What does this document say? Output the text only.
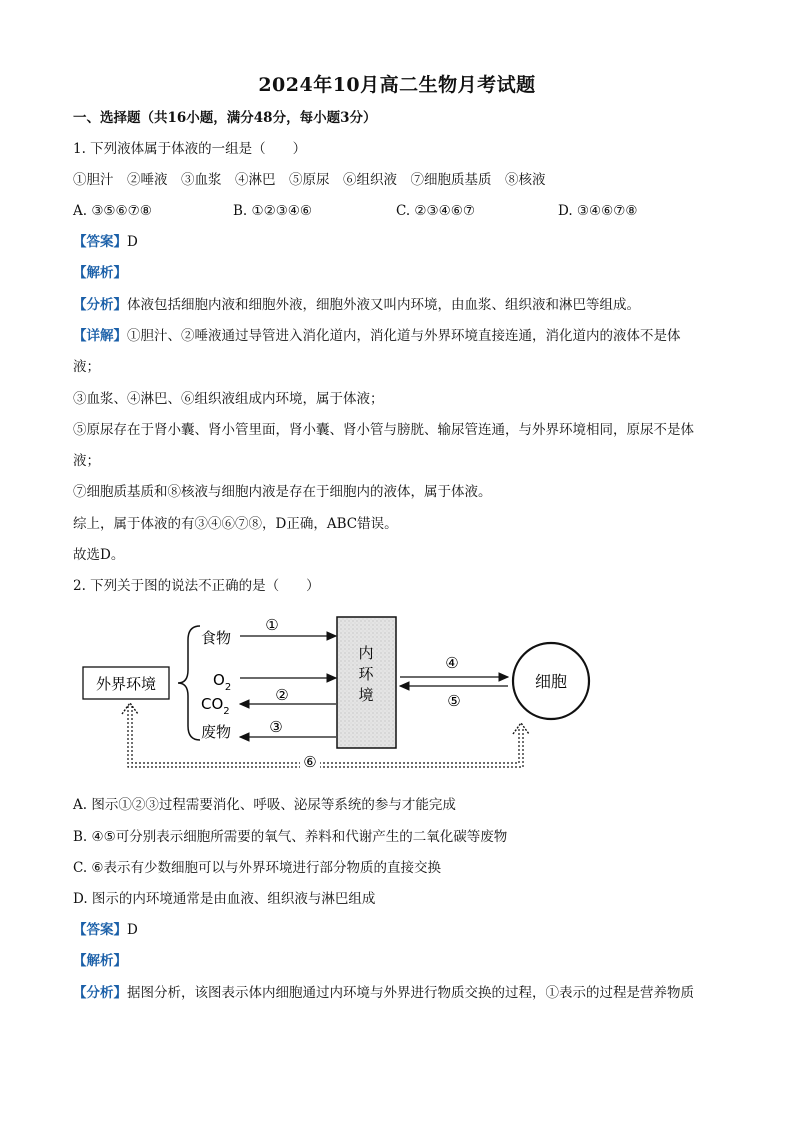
2024年10月高二生物月考试题
一、选择题（共16小题，满分48分，每小题3分）
1. 下列液体属于体液的一组是（　　）
①胆汁　②唾液　③血浆　④淋巴　⑤原尿　⑥组织液　⑦细胞质基质　⑧核液
A. ③⑤⑥⑦⑧	B. ①②③④⑥	C. ②③④⑥⑦	D. ③④⑥⑦⑧
【答案】D
【解析】
【分析】体液包括细胞内液和细胞外液，细胞外液又叫内环境，由血浆、组织液和淋巴等组成。
【详解】①胆汁、②唾液通过导管进入消化道内，消化道与外界环境直接连通，消化道内的液体不是体
液；
③血浆、④淋巴、⑥组织液组成内环境，属于体液；
⑤原尿存在于肾小囊、肾小管里面，肾小囊、肾小管与膀胱、输尿管连通，与外界环境相同，原尿不是体
液；
⑦细胞质基质和⑧核液与细胞内液是存在于细胞内的液体，属于体液。
综上，属于体液的有③④⑥⑦⑧，D正确，ABC错误。
故选D。
2. 下列关于图的说法不正确的是（　　）
外界环境
食物
$O_2$
$CO_2$
废物
①
②
③
内
环
境
④
⑤
细胞
⑥
A. 图示①②③过程需要消化、呼吸、泌尿等系统的参与才能完成
B. ④⑤可分别表示细胞所需要的氧气、养料和代谢产生的二氧化碳等废物
C. ⑥表示有少数细胞可以与外界环境进行部分物质的直接交换
D. 图示的内环境通常是由血液、组织液与淋巴组成
【答案】D
【解析】
【分析】据图分析，该图表示体内细胞通过内环境与外界进行物质交换的过程，①表示的过程是营养物质
